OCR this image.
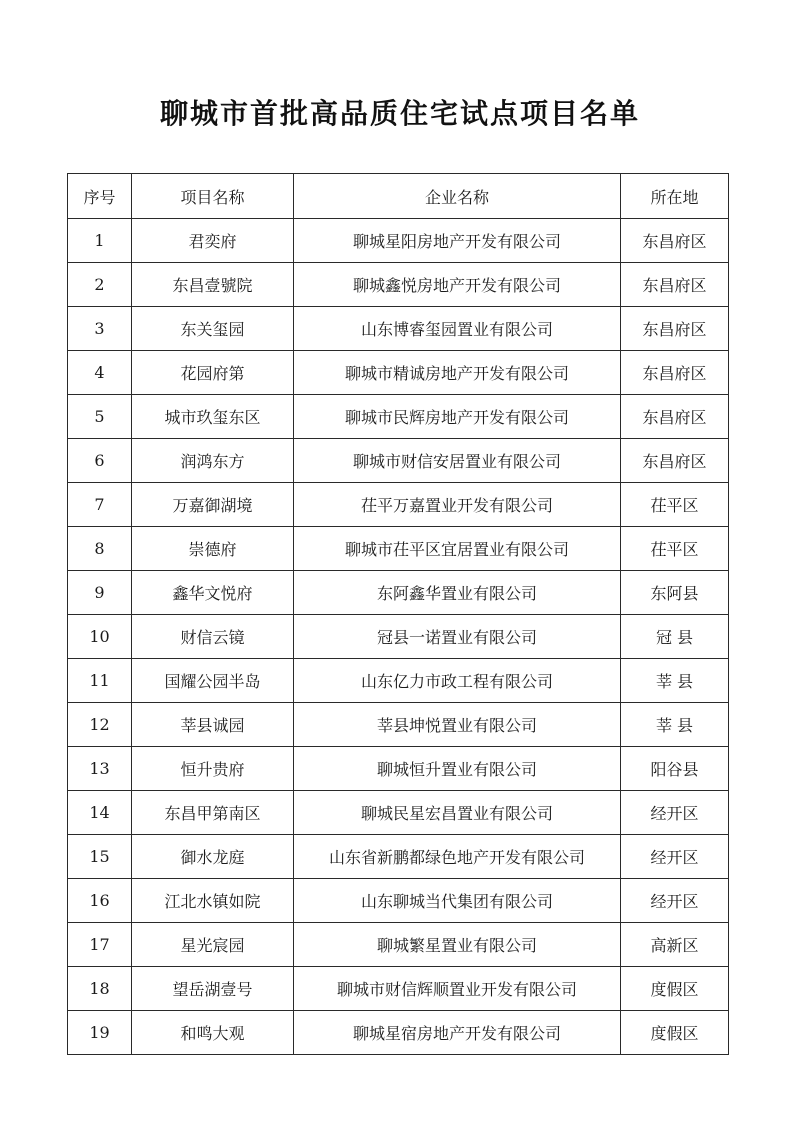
聊城市首批高品质住宅试点项目名单
序号	项目名称	企业名称	所在地
1	君奕府	聊城星阳房地产开发有限公司	东昌府区
2	东昌壹號院	聊城鑫悦房地产开发有限公司	东昌府区
3	东关玺园	山东博睿玺园置业有限公司	东昌府区
4	花园府第	聊城市精诚房地产开发有限公司	东昌府区
5	城市玖玺东区	聊城市民辉房地产开发有限公司	东昌府区
6	润鸿东方	聊城市财信安居置业有限公司	东昌府区
7	万嘉御湖境	茌平万嘉置业开发有限公司	茌平区
8	崇德府	聊城市茌平区宜居置业有限公司	茌平区
9	鑫华文悦府	东阿鑫华置业有限公司	东阿县
10	财信云镜	冠县一诺置业有限公司	冠 县
11	国耀公园半岛	山东亿力市政工程有限公司	莘 县
12	莘县诚园	莘县坤悦置业有限公司	莘 县
13	恒升贵府	聊城恒升置业有限公司	阳谷县
14	东昌甲第南区	聊城民星宏昌置业有限公司	经开区
15	御水龙庭	山东省新鹏都绿色地产开发有限公司	经开区
16	江北水镇如院	山东聊城当代集团有限公司	经开区
17	星光宸园	聊城繁星置业有限公司	高新区
18	望岳湖壹号	聊城市财信辉顺置业开发有限公司	度假区
19	和鸣大观	聊城星宿房地产开发有限公司	度假区
